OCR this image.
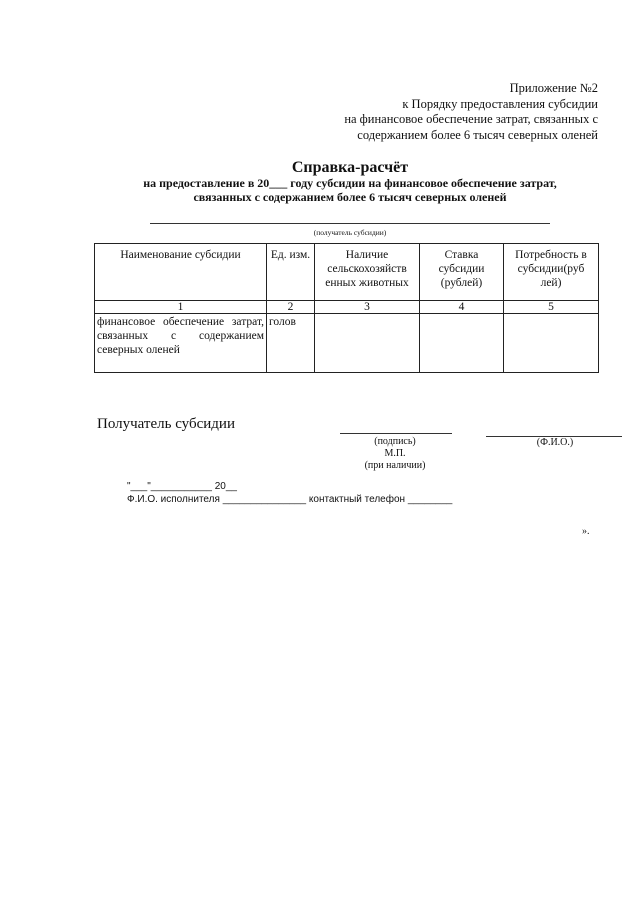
Приложение №2
к Порядку предоставления субсидии
на финансовое обеспечение затрат, связанных с
содержанием более 6 тысяч северных оленей
Справка-расчёт
на предоставление в 20___ году субсидии на финансовое обеспечение затрат,
связанных с содержанием более 6 тысяч северных оленей
(получатель субсидии)
Наименование субсидии	Ед. изм.	Наличие сельскохозяйств енных животных	Ставка субсидии (рублей)	Потребность в субсидии(руб лей)
1	2	3	4	5
финансовое обеспечение затрат, связанных с содержанием северных оленей	голов			
Получатель субсидии
(подпись)
М.П.
(при наличии)
(Ф.И.О.)
"___"___________ 20__
Ф.И.О. исполнителя _______________ контактный телефон ________
».
